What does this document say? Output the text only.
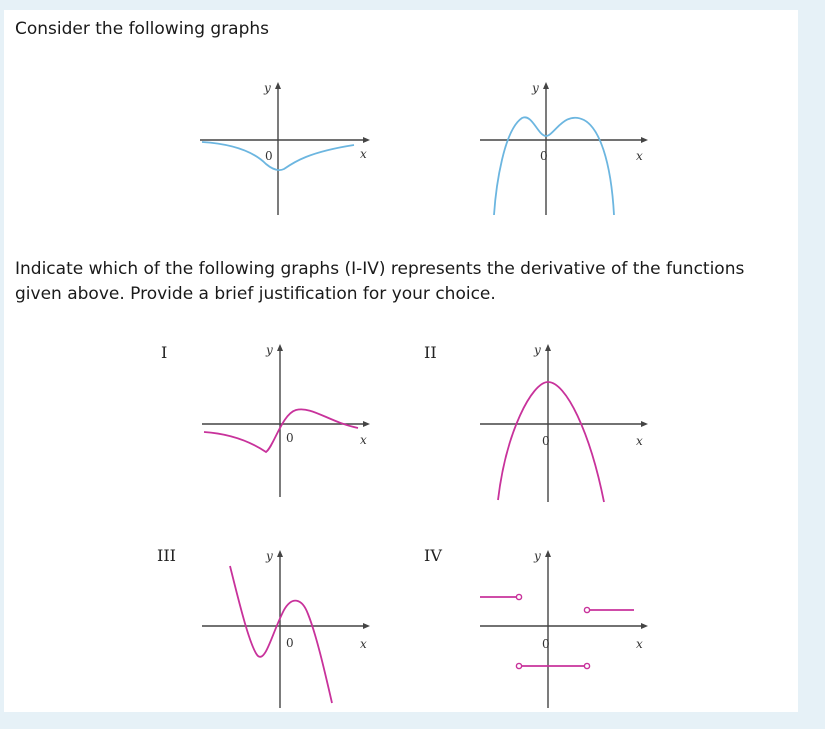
Consider the following graphs
y
x
0
y
x
0
Indicate which of the following graphs (I-IV) represents the derivative of the functions given above. Provide a brief justification for your choice.
I	II
III	IV
y
x
0
y
x
0
y
x
0
y
x
0
